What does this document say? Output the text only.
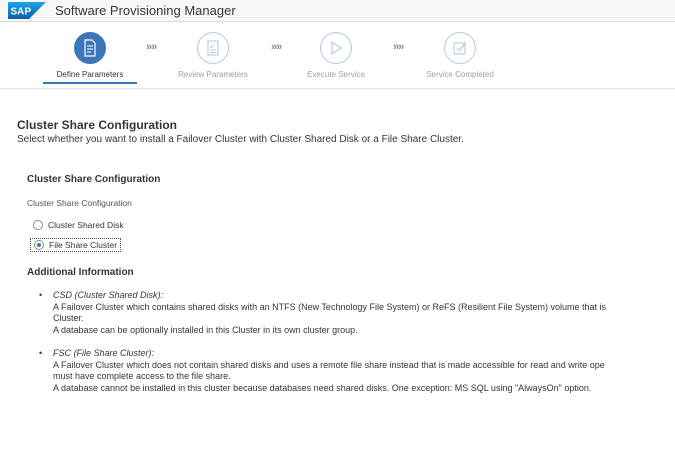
SAP Software Provisioning Manager
Define Parameters
»»
Review Parameters
»»
Execute Service
»»
Service Completed
Cluster Share Configuration
Select whether you want to install a Failover Cluster with Cluster Shared Disk or a File Share Cluster.
Cluster Share Configuration
Cluster Share Configuration
Cluster Shared Disk
File Share Cluster
Additional Information
• CSD (Cluster Shared Disk):
A Failover Cluster which contains shared disks with an NTFS (New Technology File System) or ReFS (Resilient File System) volume that is
Cluster.
A database can be optionally installed in this Cluster in its own cluster group.
• FSC (File Share Cluster):
A Failover Cluster which does not contain shared disks and uses a remote file share instead that is made accessible for read and write ope
must have complete access to the file share.
A database cannot be installed in this cluster because databases need shared disks. One exception: MS SQL using "AlwaysOn" option.
